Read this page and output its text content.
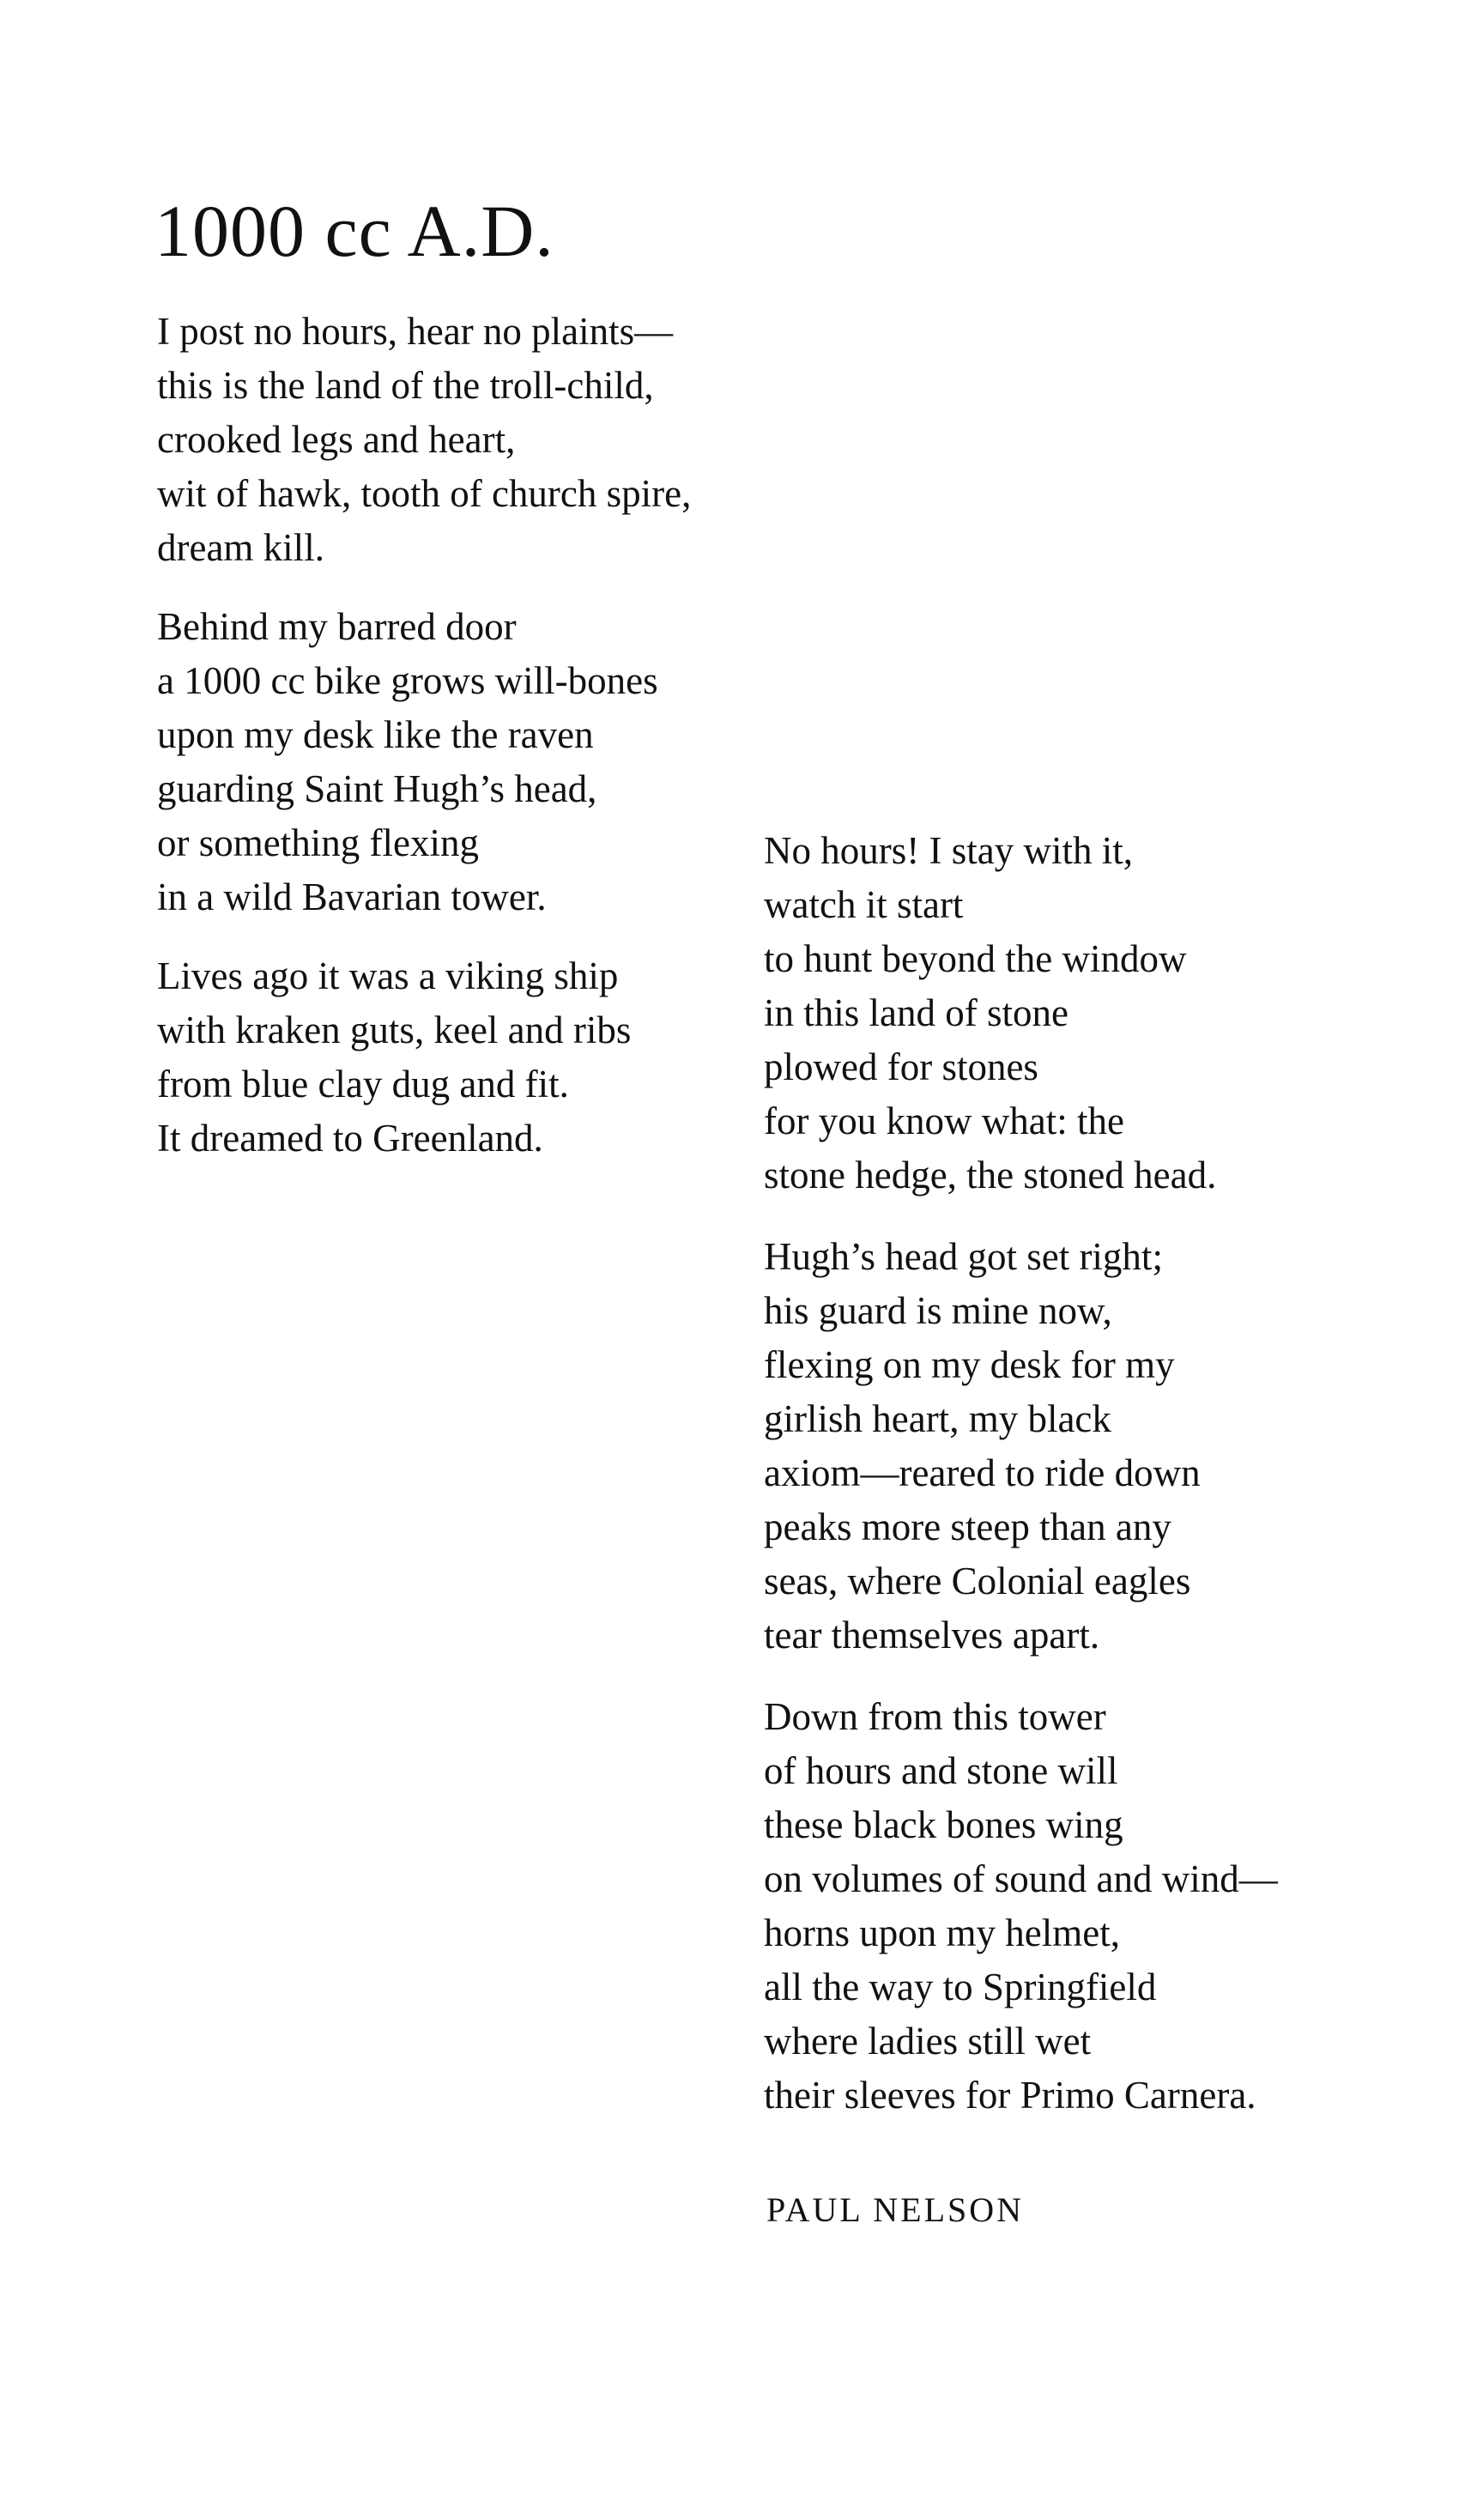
1000 cc A.D.

I post no hours, hear no plaints—
this is the land of the troll-child,
crooked legs and heart,
wit of hawk, tooth of church spire,
dream kill.

Behind my barred door
a 1000 cc bike grows will-bones
upon my desk like the raven
guarding Saint Hugh’s head,
or something flexing
in a wild Bavarian tower.

Lives ago it was a viking ship
with kraken guts, keel and ribs
from blue clay dug and fit.
It dreamed to Greenland.

No hours! I stay with it,
watch it start
to hunt beyond the window
in this land of stone
plowed for stones
for you know what: the
stone hedge, the stoned head.

Hugh’s head got set right;
his guard is mine now,
flexing on my desk for my
girlish heart, my black
axiom—reared to ride down
peaks more steep than any
seas, where Colonial eagles
tear themselves apart.

Down from this tower
of hours and stone will
these black bones wing
on volumes of sound and wind—
horns upon my helmet,
all the way to Springfield
where ladies still wet
their sleeves for Primo Carnera.

PAUL NELSON
